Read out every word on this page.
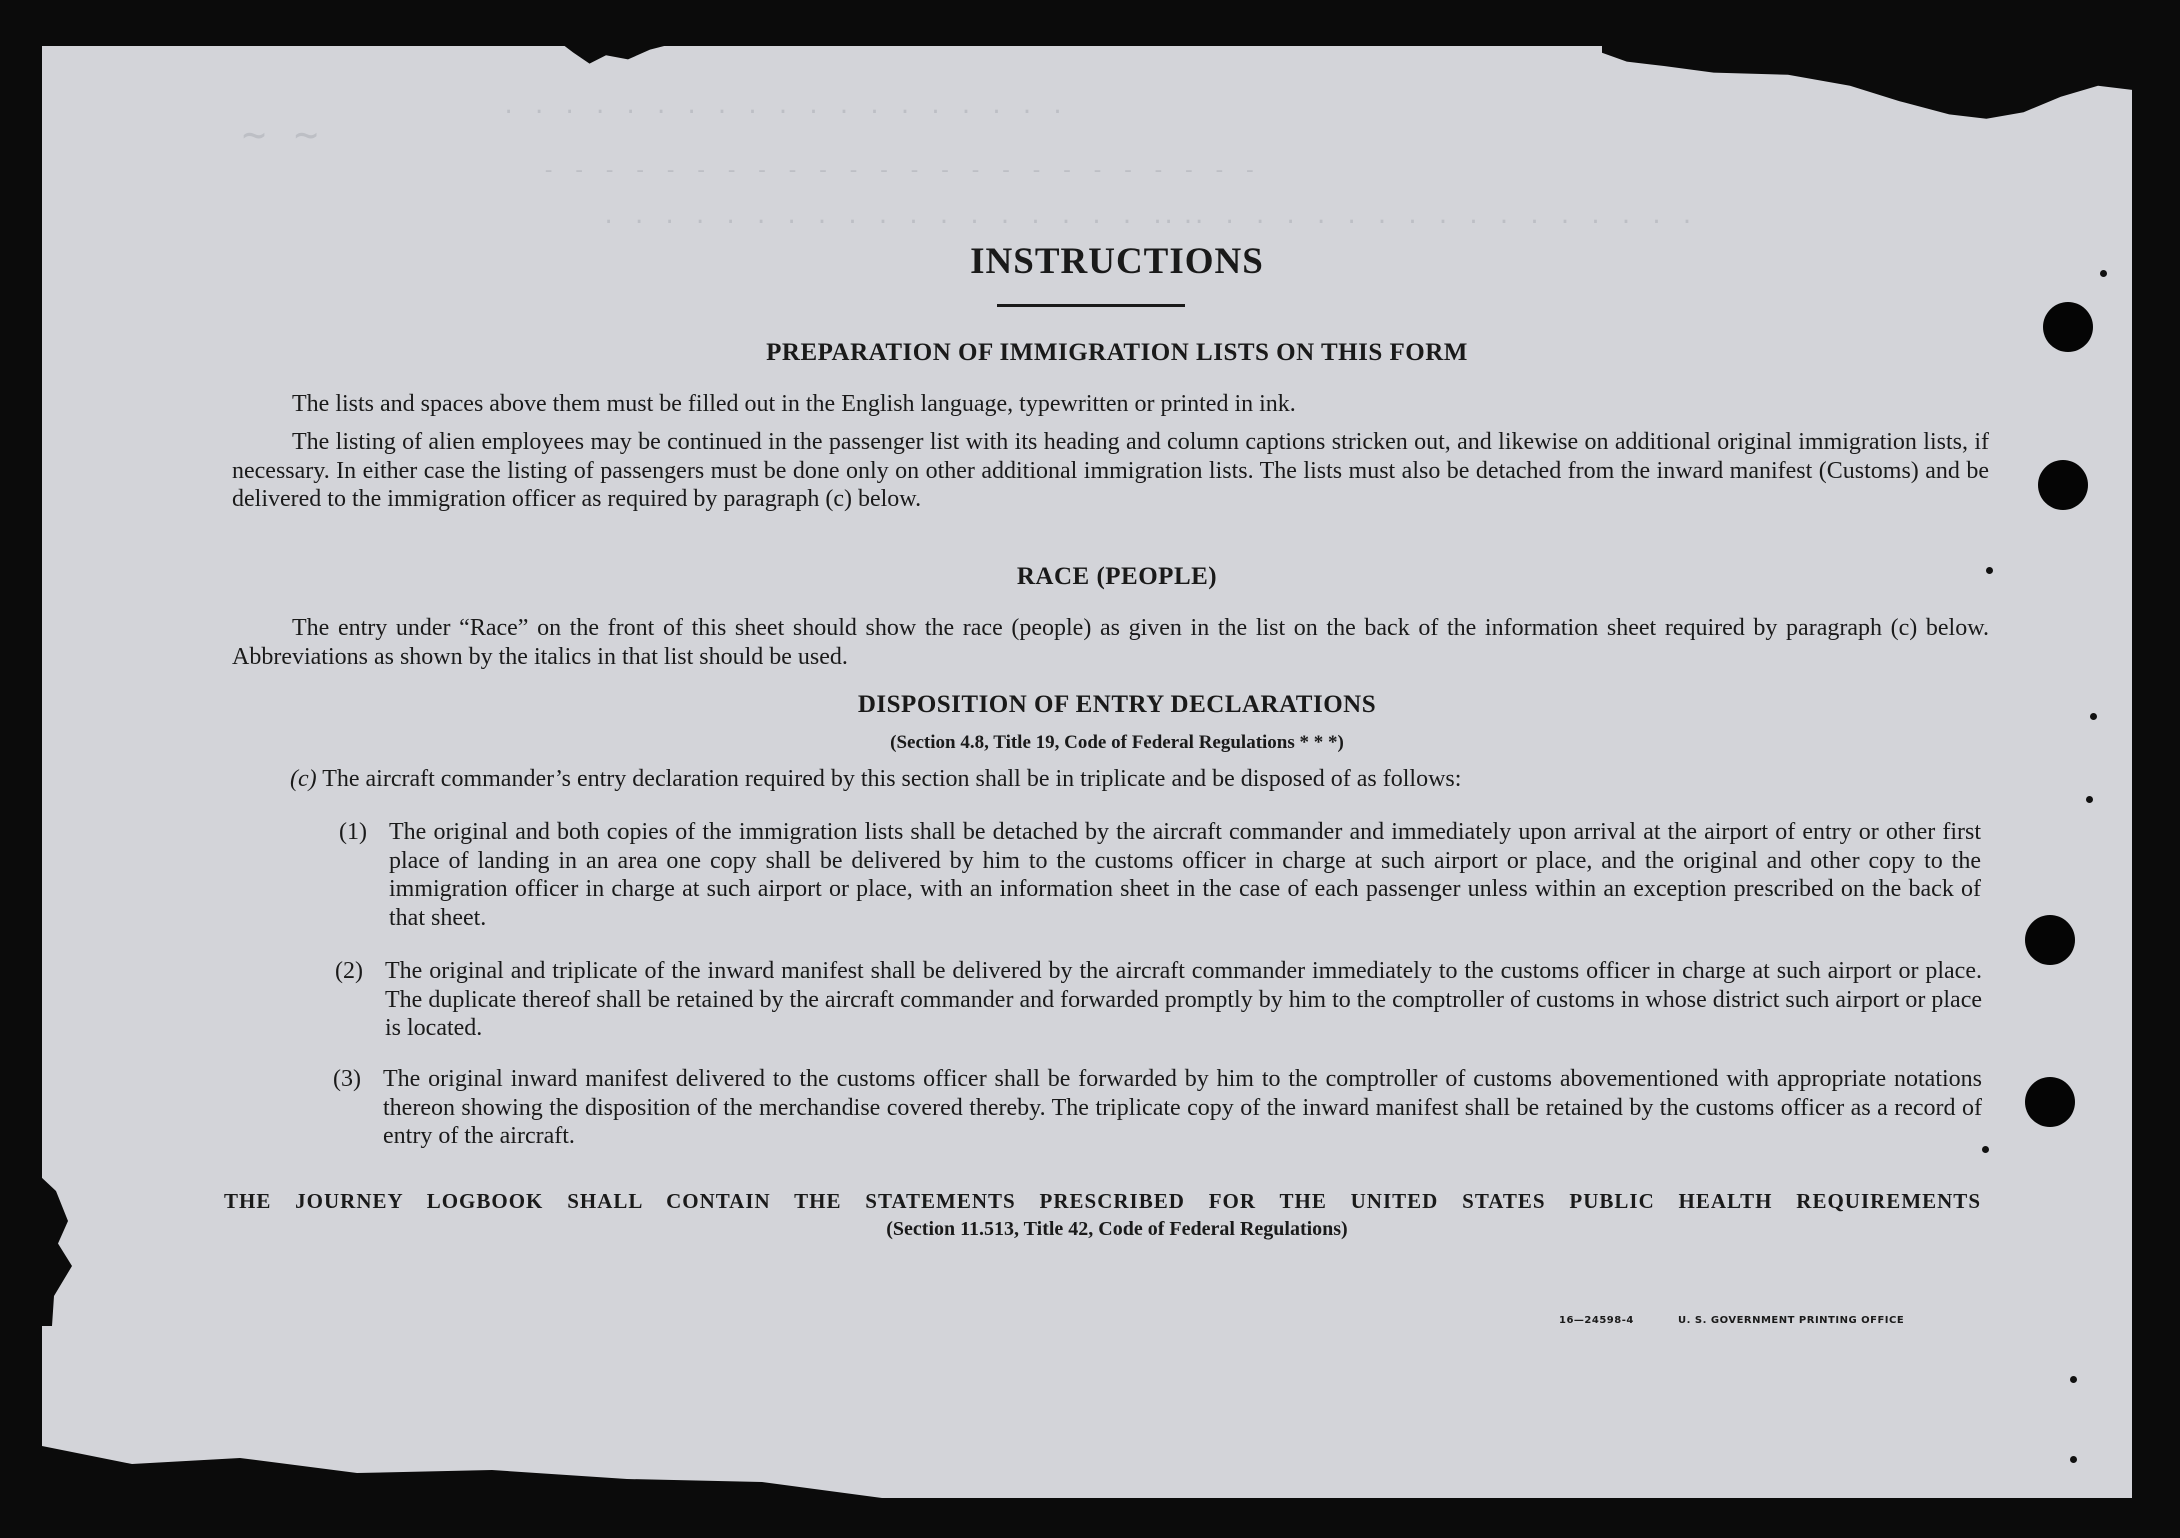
· · · · · · · · · · · · · · · · · · ·
- - - - - - - - - - - - - - - - - - - - - - - -
. . . . . . . . . . . . . . . . . . . .
. . . . . . . . . . . . . . . . . .
~ ~
INSTRUCTIONS
PREPARATION OF IMMIGRATION LISTS ON THIS FORM
The lists and spaces above them must be filled out in the English language, typewritten or printed in ink.
The listing of alien employees may be continued in the passenger list with its heading and column captions stricken out, and likewise on additional original immigration lists, if necessary. In either case the listing of passengers must be done only on other additional immigration lists. The lists must also be detached from the inward manifest (Customs) and be delivered to the immigration officer as required by paragraph (c) below.
RACE (PEOPLE)
The entry under “Race” on the front of this sheet should show the race (people) as given in the list on the back of the information sheet required by paragraph (c) below. Abbreviations as shown by the italics in that list should be used.
DISPOSITION OF ENTRY DECLARATIONS
(Section 4.8, Title 19, Code of Federal Regulations * * *)
(c) The aircraft commander’s entry declaration required by this section shall be in triplicate and be disposed of as follows:
(1) The original and both copies of the immigration lists shall be detached by the aircraft commander and immediately upon arrival at the airport of entry or other first place of landing in an area one copy shall be delivered by him to the customs officer in charge at such airport or place, and the original and other copy to the immigration officer in charge at such airport or place, with an information sheet in the case of each passenger unless within an exception prescribed on the back of that sheet.
(2) The original and triplicate of the inward manifest shall be delivered by the aircraft commander immediately to the customs officer in charge at such airport or place. The duplicate thereof shall be retained by the aircraft commander and forwarded promptly by him to the comptroller of customs in whose district such airport or place is located.
(3) The original inward manifest delivered to the customs officer shall be forwarded by him to the comptroller of customs abovementioned with appropriate notations thereon showing the disposition of the merchandise covered thereby. The triplicate copy of the inward manifest shall be retained by the customs officer as a record of entry of the aircraft.
THE JOURNEY LOGBOOK SHALL CONTAIN THE STATEMENTS PRESCRIBED FOR THE UNITED STATES PUBLIC HEALTH REQUIREMENTS
(Section 11.513, Title 42, Code of Federal Regulations)
16—24598-4	U. S. GOVERNMENT PRINTING OFFICE
